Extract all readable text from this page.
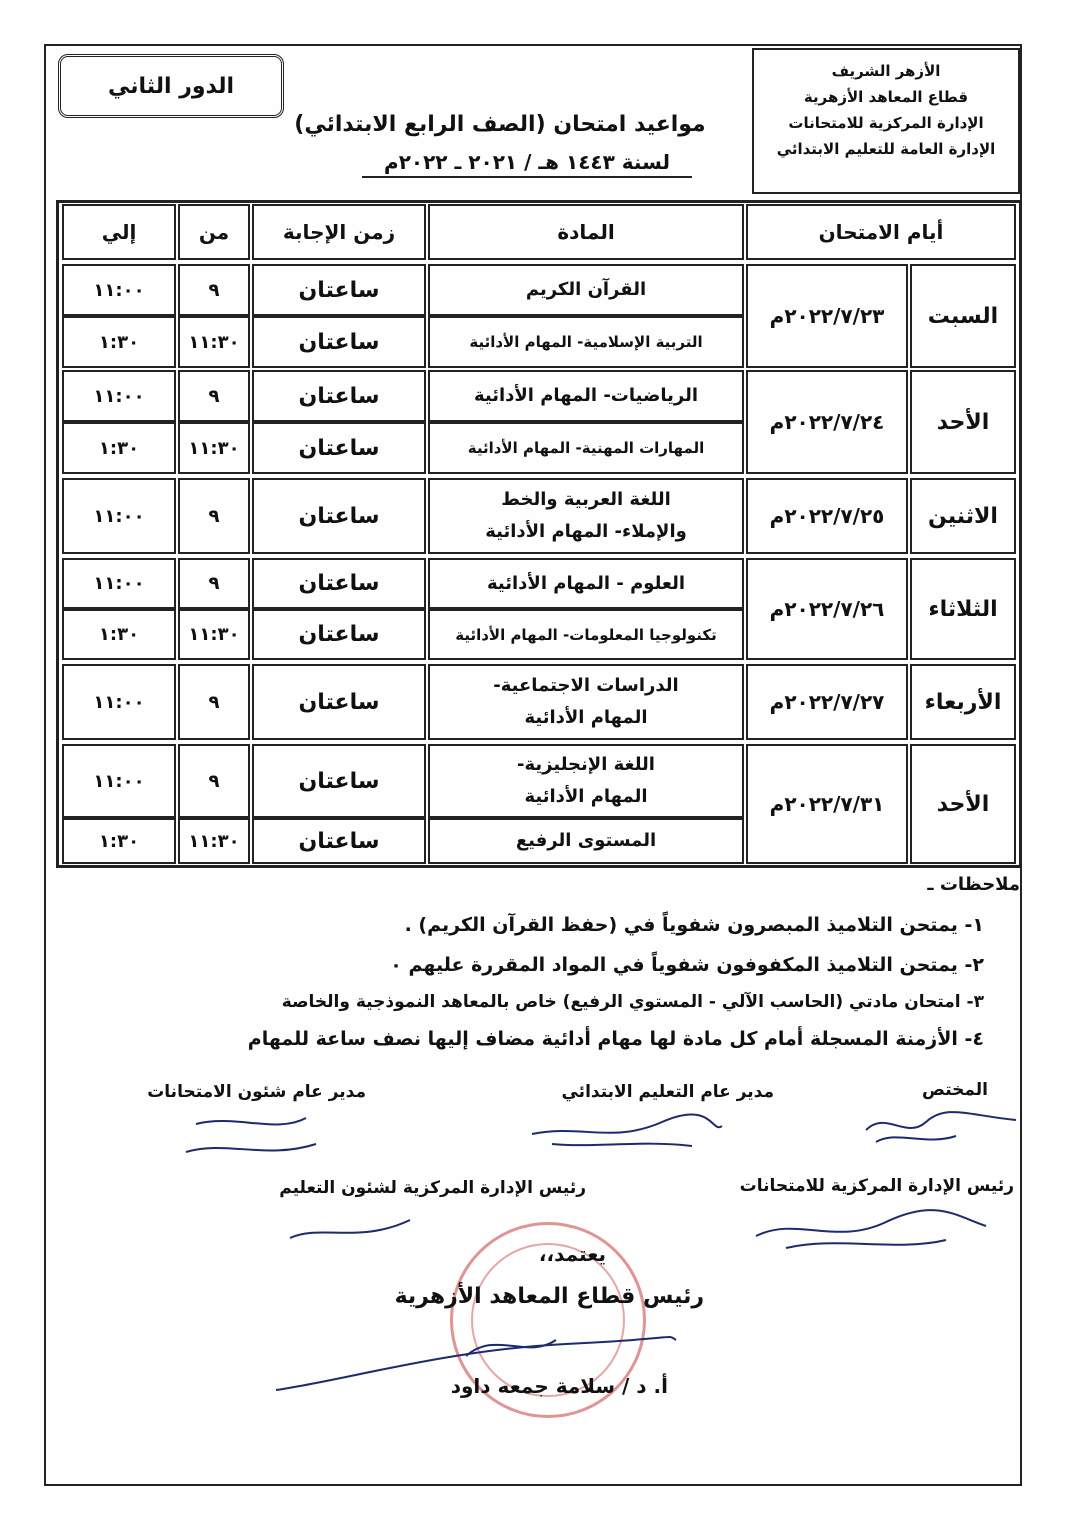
الأزهر الشريف
قطاع المعاهد الأزهرية
الإدارة المركزية للامتحانات
الإدارة العامة للتعليم الابتدائي
الدور الثاني
مواعيد امتحان (الصف الرابع الابتدائي)
لسنة ١٤٤٣ هـ / ٢٠٢١ ـ ٢٠٢٢م
أيام الامتحان
المادة
زمن الإجابة
من
إلي
السبت
٢٠٢٢/٧/٢٣م
القرآن الكريم
ساعتان
٩
١١:٠٠
التربية الإسلامية- المهام الأدائية
ساعتان
١١:٣٠
١:٣٠
الأحد
٢٠٢٢/٧/٢٤م
الرياضيات- المهام الأدائية
ساعتان
٩
١١:٠٠
المهارات المهنية- المهام الأدائية
ساعتان
١١:٣٠
١:٣٠
الاثنين
٢٠٢٢/٧/٢٥م
اللغة العربية والخط
والإملاء- المهام الأدائية
ساعتان
٩
١١:٠٠
الثلاثاء
٢٠٢٢/٧/٢٦م
العلوم - المهام الأدائية
ساعتان
٩
١١:٠٠
تكنولوجيا المعلومات- المهام الأدائية
ساعتان
١١:٣٠
١:٣٠
الأربعاء
٢٠٢٢/٧/٢٧م
الدراسات الاجتماعية-
المهام الأدائية
ساعتان
٩
١١:٠٠
الأحد
٢٠٢٢/٧/٣١م
اللغة الإنجليزية-
المهام الأدائية
ساعتان
٩
١١:٠٠
المستوى الرفيع
ساعتان
١١:٣٠
١:٣٠
ملاحظات ـ
١- يمتحن التلاميذ المبصرون شفوياً في (حفظ القرآن الكريم) .
٢- يمتحن التلاميذ المكفوفون شفوياً في المواد المقررة عليهم ٠
٣- امتحان مادتي (الحاسب الآلي - المستوي الرفيع) خاص بالمعاهد النموذجية والخاصة
٤- الأزمنة المسجلة أمام كل مادة لها مهام أدائية مضاف إليها نصف ساعة للمهام
المختص
مدير عام التعليم الابتدائي
مدير عام شئون الامتحانات
رئيس الإدارة المركزية للامتحانات
رئيس الإدارة المركزية لشئون التعليم
يعتمد،،
رئيس قطاع المعاهد الأزهرية
أ. د / سلامة جمعه داود
